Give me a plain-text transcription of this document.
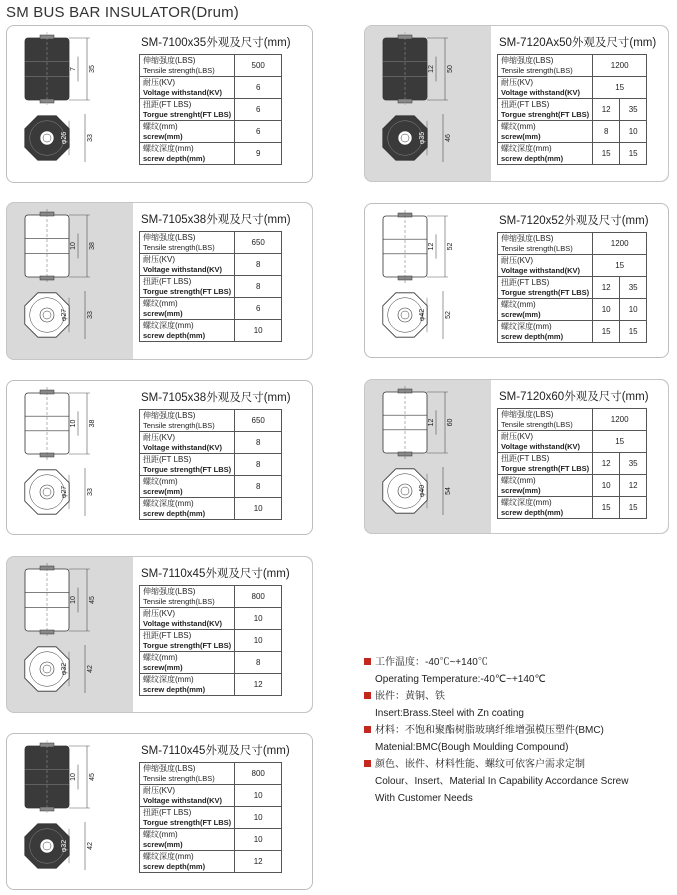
SM BUS BAR INSULATOR(Drum)
35
7
33
φ26
SM-7100x35外观及尺寸(mm)
伸缩强度(LBS)
Tensile strength(LBS)	500

耐压(KV)
Voltage withstand(KV)	6

扭距(FT LBS)
Torgue strenght(FT LBS)	6

螺纹(mm)
screw(mm)	6

螺纹深度(mm)
screw depth(mm)	9
38
10
33
φ27
SM-7105x38外观及尺寸(mm)
伸缩强度(LBS)
Tensile strength(LBS)	650

耐压(KV)
Voltage withstand(KV)	8

扭距(FT LBS)
Torgue strength(FT LBS)	8

螺纹(mm)
screw(mm)	6

螺纹深度(mm)
screw depth(mm)	10
38
10
33
φ27
SM-7105x38外观及尺寸(mm)
伸缩强度(LBS)
Tensile strength(LBS)	650

耐压(KV)
Voltage withstand(KV)	8

扭距(FT LBS)
Torgue strength(FT LBS)	8

螺纹(mm)
screw(mm)	8

螺纹深度(mm)
screw depth(mm)	10
45
10
42
φ32
SM-7110x45外观及尺寸(mm)
伸缩强度(LBS)
Tensile strength(LBS)	800

耐压(KV)
Voltage withstand(KV)	10

扭距(FT LBS)
Torgue strength(FT LBS)	10

螺纹(mm)
screw(mm)	8

螺纹深度(mm)
screw depth(mm)	12
45
10
42
φ32
SM-7110x45外观及尺寸(mm)
伸缩强度(LBS)
Tensile strength(LBS)	800

耐压(KV)
Voltage withstand(KV)	10

扭距(FT LBS)
Torgue strength(FT LBS)	10

螺纹(mm)
screw(mm)	10

螺纹深度(mm)
screw depth(mm)	12
50
12
46
φ35
SM-7120Ax50外观及尺寸(mm)
伸缩强度(LBS)
Tensile strength(LBS)	1200	

耐压(KV)
Voltage withstand(KV)	15	

扭距(FT LBS)
Torgue strenght(FT LBS)	12	35

螺纹(mm)
screw(mm)	8	10

螺纹深度(mm)
screw depth(mm)	15	15
52
12
52
φ42
SM-7120x52外观及尺寸(mm)
伸缩强度(LBS)
Tensile strength(LBS)	1200	

耐压(KV)
Voltage withstand(KV)	15	

扭距(FT LBS)
Torgue strength(FT LBS)	12	35

螺纹(mm)
screw(mm)	10	10

螺纹深度(mm)
screw depth(mm)	15	15
60
12
54
φ40
SM-7120x60外观及尺寸(mm)
伸缩强度(LBS)
Tensile strength(LBS)	1200	

耐压(KV)
Voltage withstand(KV)	15	

扭距(FT LBS)
Torgue strength(FT LBS)	12	35

螺纹(mm)
screw(mm)	10	12

螺纹深度(mm)
screw depth(mm)	15	15
工作温度：-40℃~+140℃
Operating Temperature:-40℃~+140℃
嵌件：黄铜、铁
Insert:Brass.Steel with Zn coating
材料：不饱和聚酯树脂玻璃纤维增强模压塑件(BMC)
Matenial:BMC(Bough Moulding Compound)
颜色、嵌件、材料性能、螺纹可依客户需求定制
Colour、Insert、Material In Capability Accordance Screw
With Customer Needs
